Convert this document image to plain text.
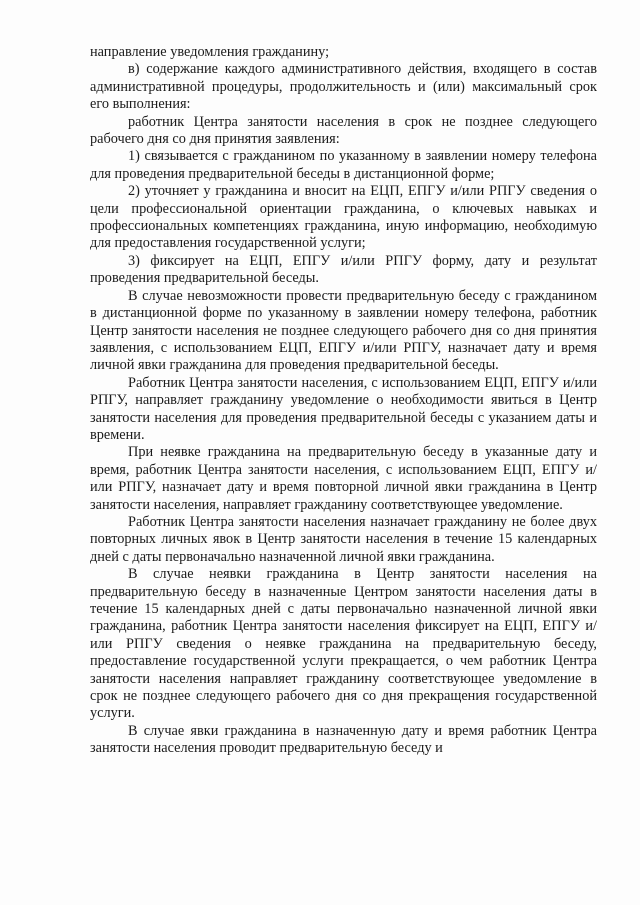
направление уведомления гражданину;

в) содержание каждого административного действия, входящего в состав административной процедуры, продолжительность и (или) максимальный срок его выполнения:

работник Центра занятости населения в срок не позднее следующего рабочего дня со дня принятия заявления:

1) связывается с гражданином по указанному в заявлении номеру телефона для проведения предварительной беседы в дистанционной форме;

2) уточняет у гражданина и вносит на ЕЦП, ЕПГУ и/или РПГУ сведения о цели профессиональной ориентации гражданина, о ключевых навыках и профессиональных компетенциях гражданина, иную информацию, необходимую для предоставления государственной услуги;

3) фиксирует на ЕЦП, ЕПГУ и/или РПГУ форму, дату и результат проведения предварительной беседы.

В случае невозможности провести предварительную беседу с гражданином в дистанционной форме по указанному в заявлении номеру телефона, работник Центр занятости населения не позднее следующего рабочего дня со дня принятия заявления, с использованием ЕЦП, ЕПГУ и/или РПГУ, назначает дату и время личной явки гражданина для проведения предварительной беседы.

Работник Центра занятости населения, с использованием ЕЦП, ЕПГУ и/или РПГУ, направляет гражданину уведомление о необходимости явиться в Центр занятости населения для проведения предварительной беседы с указанием даты и времени.

При неявке гражданина на предварительную беседу в указанные дату и время, работник Центра занятости населения, с использованием ЕЦП, ЕПГУ и/или РПГУ, назначает дату и время повторной личной явки гражданина в Центр занятости населения, направляет гражданину соответствующее уведомление.

Работник Центра занятости населения назначает гражданину не более двух повторных личных явок в Центр занятости населения в течение 15 календарных дней с даты первоначально назначенной личной явки гражданина.

В случае неявки гражданина в Центр занятости населения на предварительную беседу в назначенные Центром занятости населения даты в течение 15 календарных дней с даты первоначально назначенной личной явки гражданина, работник Центра занятости населения фиксирует на ЕЦП, ЕПГУ и/или РПГУ сведения о неявке гражданина на предварительную беседу, предоставление государственной услуги прекращается, о чем работник Центра занятости населения направляет гражданину соответствующее уведомление в срок не позднее следующего рабочего дня со дня прекращения государственной услуги.

В случае явки гражданина в назначенную дату и время работник Центра занятости населения проводит предварительную беседу и
